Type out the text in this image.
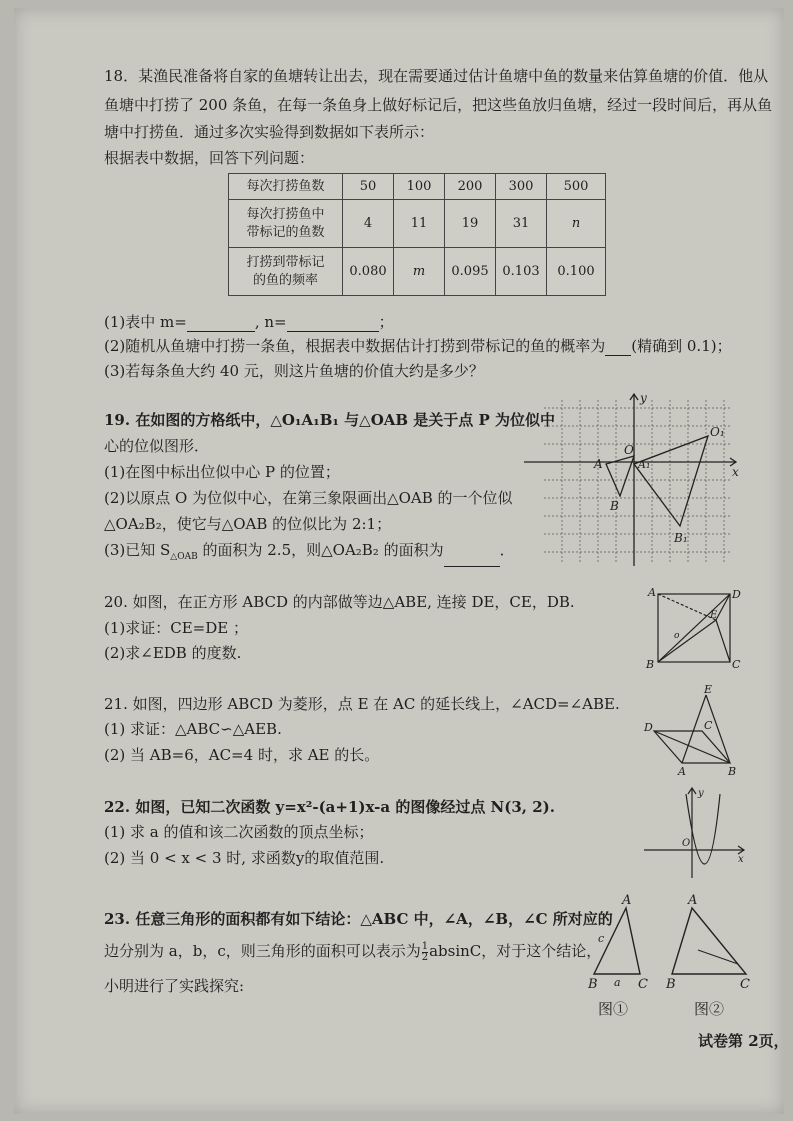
18．某渔民准备将自家的鱼塘转让出去，现在需要通过估计鱼塘中鱼的数量来估算鱼塘的价值．他从
鱼塘中打捞了 200 条鱼，在每一条鱼身上做好标记后，把这些鱼放归鱼塘，经过一段时间后，再从鱼
塘中打捞鱼．通过多次实验得到数据如下表所示：
根据表中数据，回答下列问题：
每次打捞鱼数	50	100	200	300	500
每次打捞鱼中
带标记的鱼数	4	11	19	31	n
打捞到带标记
的鱼的频率	0.080	m	0.095	0.103	0.100
(1)表中 m=	, n=	；
(2)随机从鱼塘中打捞一条鱼，根据表中数据估计打捞到带标记的鱼的概率为 (精确到 0.1)；
(3)若每条鱼大约 40 元，则这片鱼塘的价值大约是多少？
19. 在如图的方格纸中，△O₁A₁B₁ 与△OAB 是关于点 P 为位似中
心的位似图形．
(1)在图中标出位似中心 P 的位置；
(2)以原点 O 为位似中心，在第三象限画出△OAB 的一个位似
△OA₂B₂，使它与△OAB 的位似比为 2:1；
(3)已知 $S_{\triangle OAB}$ 的面积为 2.5，则△OA₂B₂ 的面积为	．
y
x
O
O₁
A	A₁
B
B₁
20. 如图，在正方形 ABCD 的内部做等边△ABE, 连接 DE，CE，DB.
(1)求证：CE=DE ；
(2)求∠EDB 的度数.
A	D
B	C
E
o
21. 如图，四边形 ABCD 为菱形，点 E 在 AC 的延长线上，∠ACD=∠ABE.
(1) 求证：△ABC∽△AEB.
(2) 当 AB=6，AC=4 时，求 AE 的长。
E
D	C
A	B
22. 如图，已知二次函数 y=x²-(a+1)x-a 的图像经过点 N(3, 2).
(1) 求 a 的值和该二次函数的顶点坐标；
(2) 当 0 < x < 3 时, 求函数y的取值范围.
y
O
x
23. 任意三角形的面积都有如下结论：△ABC 中，∠A，∠B，∠C 所对应的
边分别为 a，b，c，则三角形的面积可以表示为 $\frac{1}{2}$ absinC，对于这个结论，
小明进行了实践探究:
A
B	C
c
a
图①
A
B	C
图②
试卷第 2页，
